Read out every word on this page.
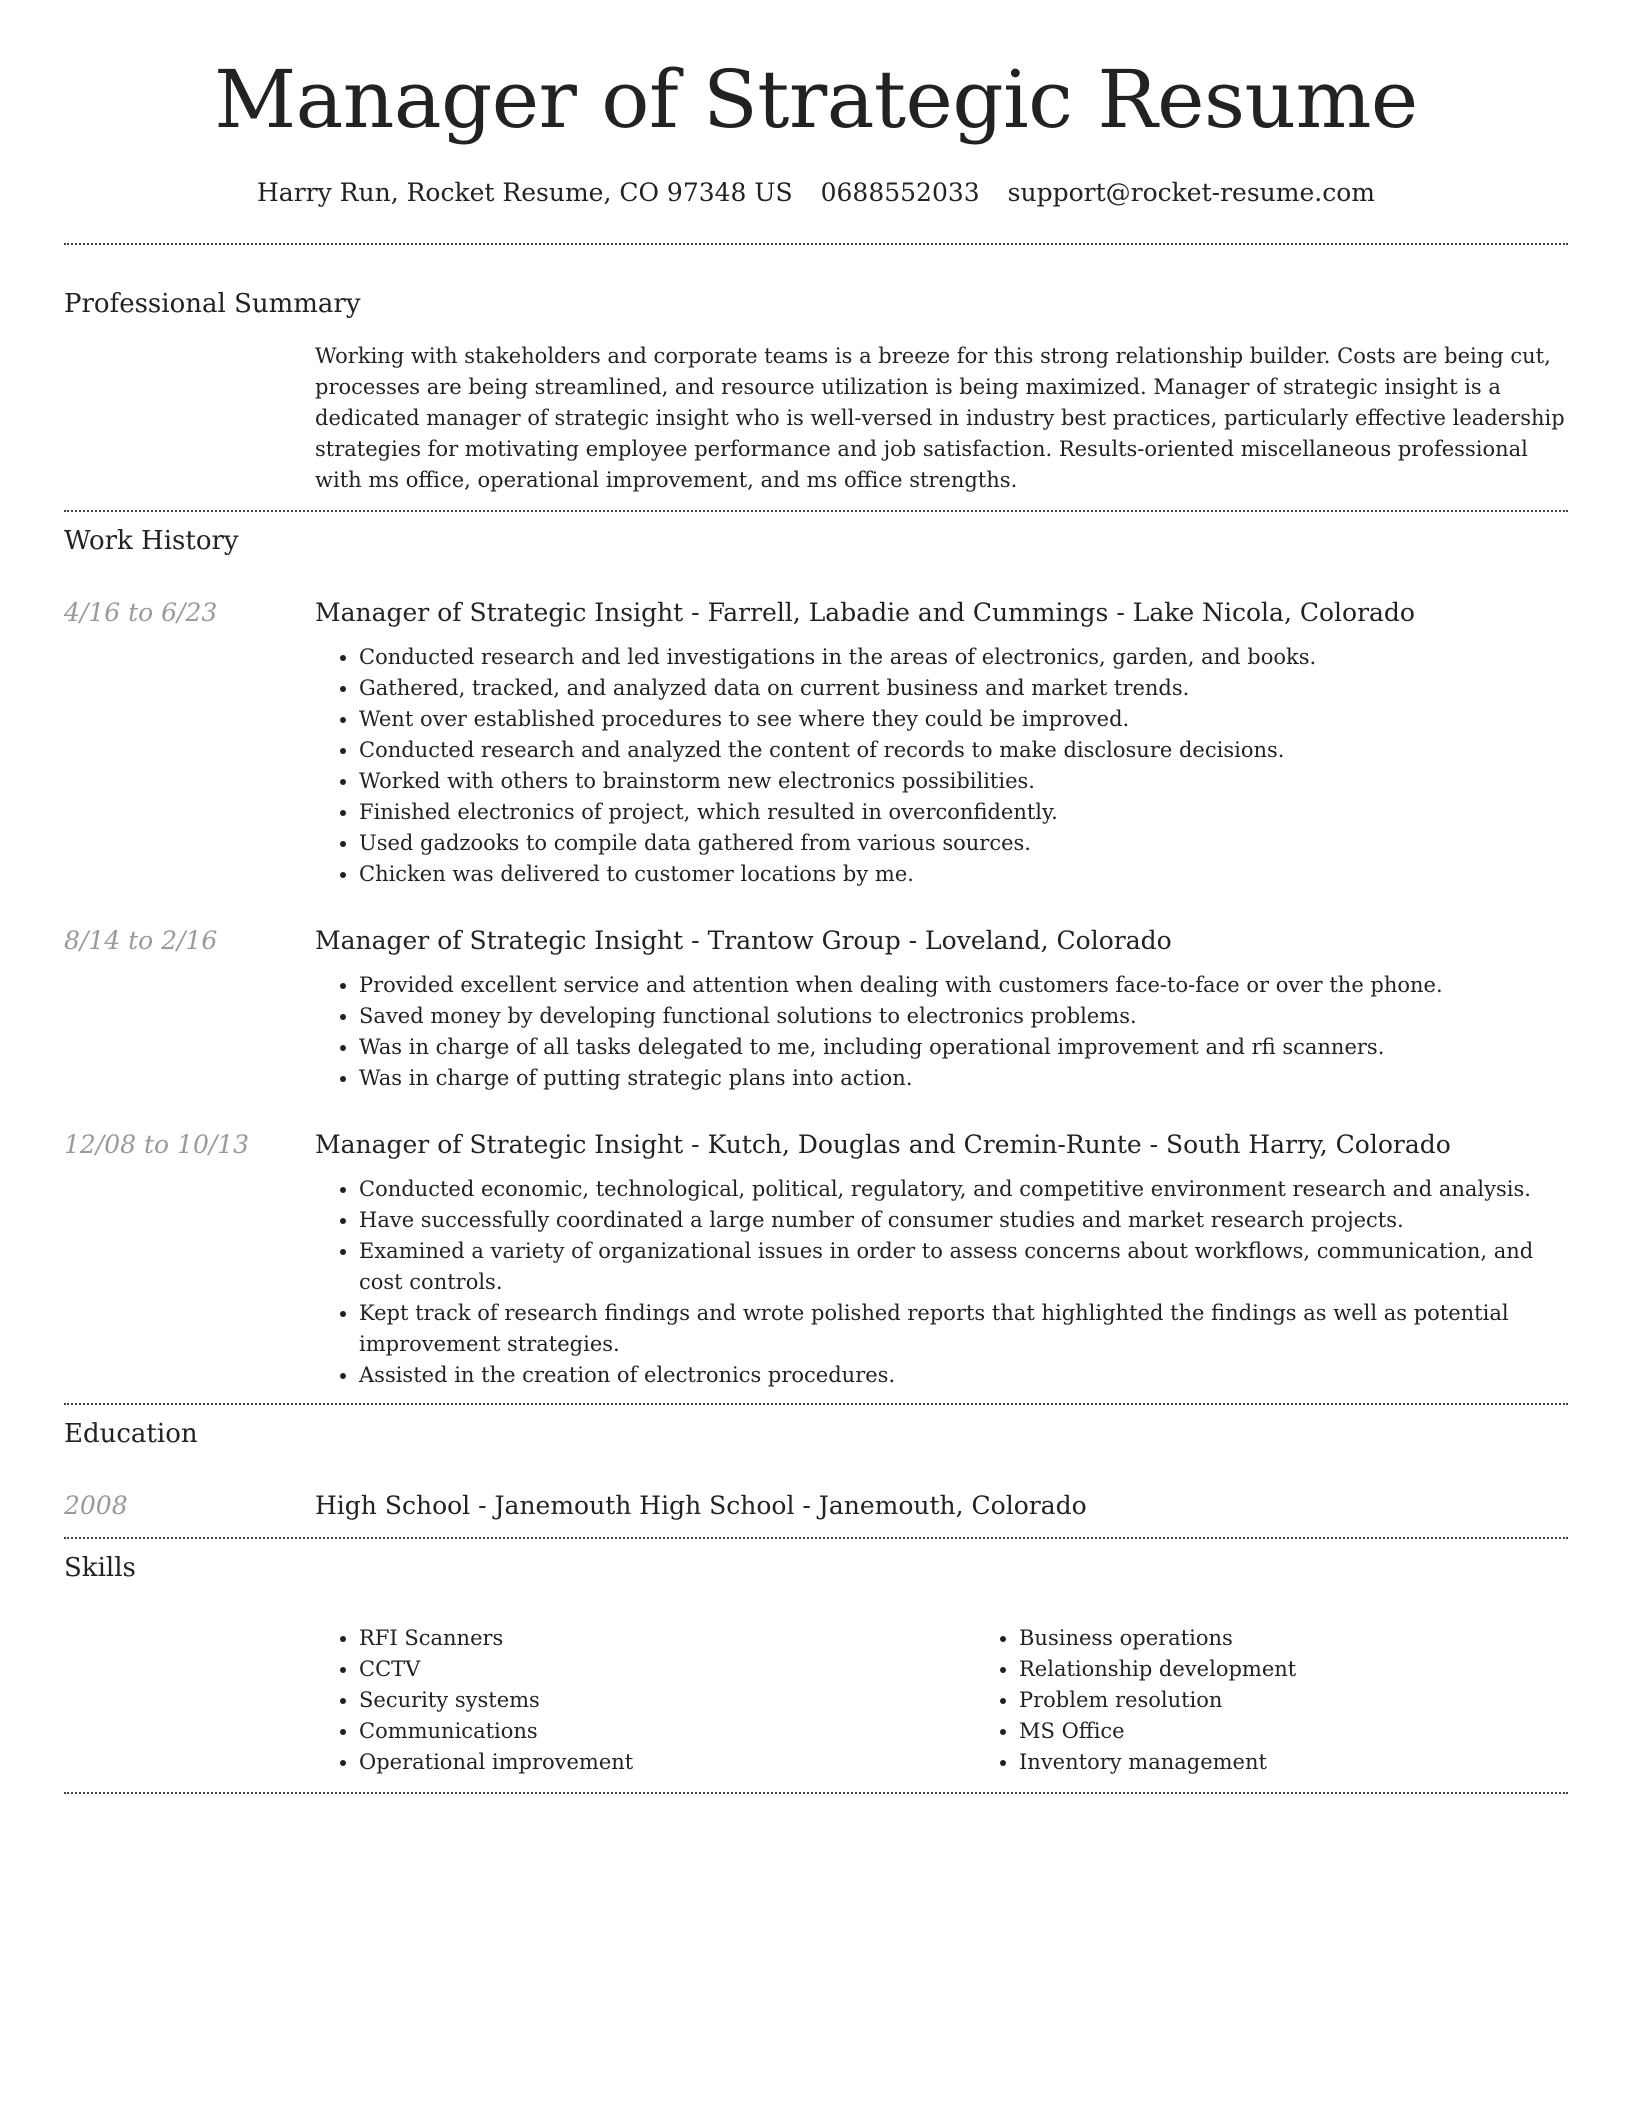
Manager of Strategic Resume
Harry Run, Rocket Resume, CO 97348 US 0688552033 support@rocket-resume.com
Professional Summary

Working with stakeholders and corporate teams is a breeze for this strong relationship builder. Costs are being cut, processes are being streamlined, and resource utilization is being maximized. Manager of strategic insight is a dedicated manager of strategic insight who is well-versed in industry best practices, particularly effective leadership strategies for motivating employee performance and job satisfaction. Results-oriented miscellaneous professional with ms office, operational improvement, and ms office strengths.

Work History
4/16 to 6/23	Manager of Strategic Insight - Farrell, Labadie and Cummings - Lake Nicola, Colorado
• Conducted research and led investigations in the areas of electronics, garden, and books.
• Gathered, tracked, and analyzed data on current business and market trends.
• Went over established procedures to see where they could be improved.
• Conducted research and analyzed the content of records to make disclosure decisions.
• Worked with others to brainstorm new electronics possibilities.
• Finished electronics of project, which resulted in overconfidently.
• Used gadzooks to compile data gathered from various sources.
• Chicken was delivered to customer locations by me.
8/14 to 2/16	Manager of Strategic Insight - Trantow Group - Loveland, Colorado
• Provided excellent service and attention when dealing with customers face-to-face or over the phone.
• Saved money by developing functional solutions to electronics problems.
• Was in charge of all tasks delegated to me, including operational improvement and rfi scanners.
• Was in charge of putting strategic plans into action.
12/08 to 10/13	Manager of Strategic Insight - Kutch, Douglas and Cremin-Runte - South Harry, Colorado
• Conducted economic, technological, political, regulatory, and competitive environment research and analysis.
• Have successfully coordinated a large number of consumer studies and market research projects.
• Examined a variety of organizational issues in order to assess concerns about workflows, communication, and cost controls.
• Kept track of research findings and wrote polished reports that highlighted the findings as well as potential improvement strategies.
• Assisted in the creation of electronics procedures.
Education
2008	High School - Janemouth High School - Janemouth, Colorado
Skills
• RFI Scanners
• CCTV
• Security systems
• Communications
• Operational improvement
• Business operations
• Relationship development
• Problem resolution
• MS Office
• Inventory management
